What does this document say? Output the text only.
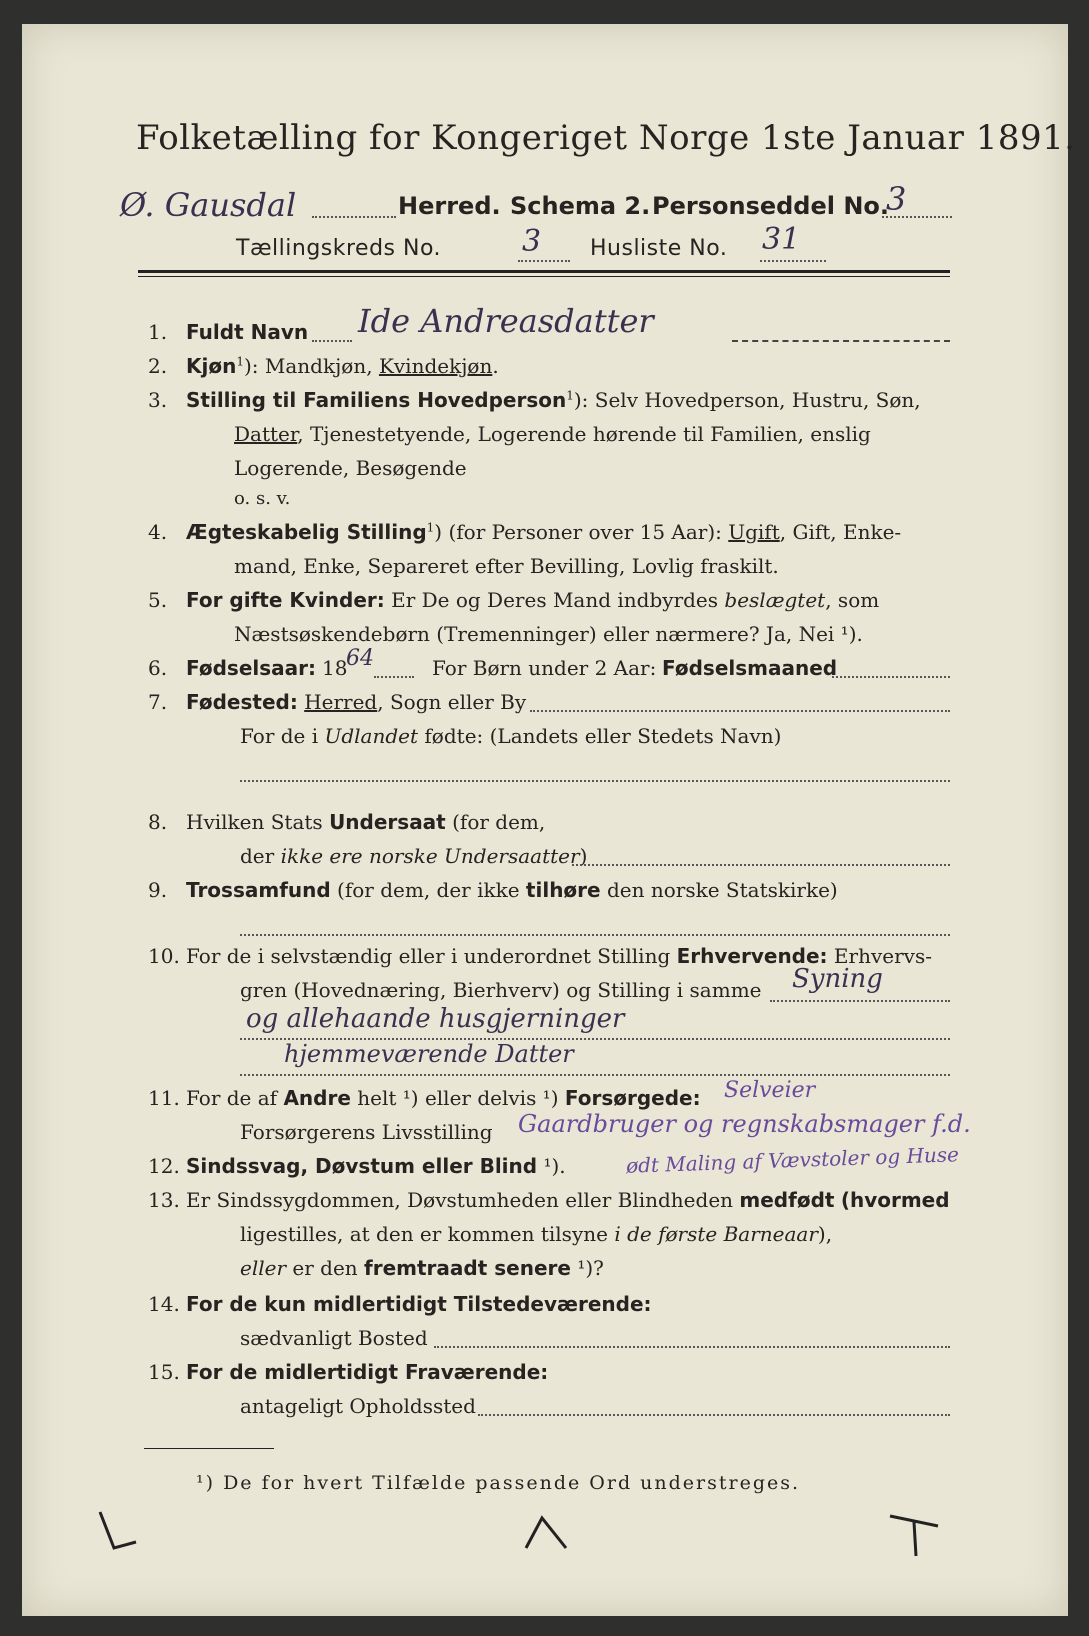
Folketælling for Kongeriget Norge 1ste Januar 1891.
Ø. Gausdal	Herred. Schema 2. Personseddel No.
3
Tællingskreds No.	3 Husliste No. 31
1. Fuldt Navn Ide Andreasdatter
2. Kjøn$^1$): Mandkjøn, Kvindekjøn.
3. Stilling til Familiens Hovedperson$^1$): Selv Hovedperson, Hustru, Søn,
Datter, Tjenestetyende, Logerende hørende til Familien, enslig
Logerende, Besøgende
o. s. v.
4. Ægteskabelig Stilling$^1$) (for Personer over 15 Aar): Ugift, Gift, Enke-
mand, Enke, Separeret efter Bevilling, Lovlig fraskilt.
5. For gifte Kvinder: Er De og Deres Mand indbyrdes beslægtet, som
Næstsøskendebørn (Tremenninger) eller nærmere? Ja, Nei ¹).
6. Fødselsaar: 18
64	For Børn under 2 Aar: Fødselsmaaned
7. Fødested: Herred, Sogn eller By
For de i Udlandet fødte: (Landets eller Stedets Navn)
8. Hvilken Stats Undersaat (for dem,
der ikke ere norske Undersaatter)
9. Trossamfund (for dem, der ikke tilhøre den norske Statskirke)
10. For de i selvstændig eller i underordnet Stilling Erhvervende: Erhvervs-
gren (Hovednæring, Bierhverv) og Stilling i samme Syning
og allehaande husgjerninger
hjemmeværende Datter
11. For de af Andre helt ¹) eller delvis ¹) Forsørgede: Selveier
Forsørgerens Livsstilling Gaardbruger og regnskabsmager f.d.
12. Sindssvag, Døvstum eller Blind ¹).	ødt Maling af Vævstoler og Huse
13. Er Sindssygdommen, Døvstumheden eller Blindheden medfødt (hvormed
ligestilles, at den er kommen tilsyne i de første Barneaar),
eller er den fremtraadt senere ¹)?
14. For de kun midlertidigt Tilstedeværende:
sædvanligt Bosted
15. For de midlertidigt Fraværende:
antageligt Opholdssted
¹) De for hvert Tilfælde passende Ord understreges.
